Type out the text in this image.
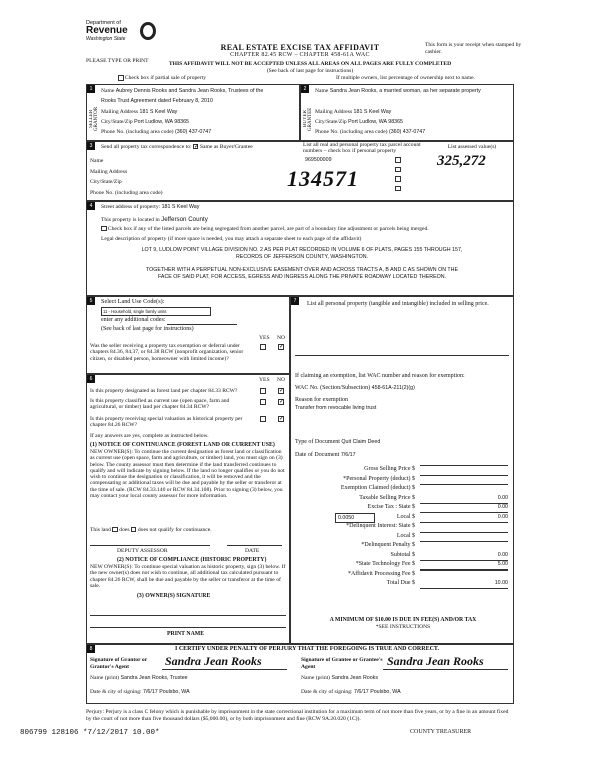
Department of
Revenue
Washington State
PLEASE TYPE OR PRINT
REAL ESTATE EXCISE TAX AFFIDAVIT
CHAPTER 82.45 RCW – CHAPTER 458-61A WAC
This form is your receipt when stamped by cashier.
THIS AFFIDAVIT WILL NOT BE ACCEPTED UNLESS ALL AREAS ON ALL PAGES ARE FULLY COMPLETED
(See back of last page for instructions)
Check box if partial sale of property	If multiple owners, list percentage of ownership next to name.
1
SELLER GRANTOR
Name Aubrey Dennis Rooks and Sandra Jean Rooks, Trustees of the
Rooks Trust Agreement dated February 8, 2010
Mailing Address 181 S Keel Way
City/State/Zip Port Ludlow, WA 98365
Phone No. (including area code) (360) 437-0747
2
BUYER GRANTEE
Name Sandra Jean Rooks, a married woman, as her separate property
Mailing Address 181 S Keel Way
City/State/Zip Port Ludlow, WA 98365
Phone No. (including area code) (360) 437-0747
3	Send all property tax correspondence to: ✓ Same as Buyer/Grantee
Name
Mailing Address
City/State/Zip
Phone No. (including area code)
List all real and personal property tax parcel account numbers – check box if personal property
List assessed value(s)
969500009
134571
325,272
4	Street address of property: 181 S Keel Way
This property is located in Jefferson County
Check box if any of the listed parcels are being segregated from another parcel, are part of a boundary line adjustment or parcels being merged.
Legal description of property (if more space is needed, you may attach a separate sheet to each page of the affidavit)
LOT 9, LUDLOW POINT VILLAGE DIVISION NO. 2 AS PER PLAT RECORDED IN VOLUME 6 OF PLATS, PAGES 155 THROUGH 157,
RECORDS OF JEFFERSON COUNTY, WASHINGTON.
TOGETHER WITH A PERPETUAL NON-EXCLUSIVE EASEMENT OVER AND ACROSS TRACTS A, B AND C AS SHOWN ON THE
FACE OF SAID PLAT, FOR ACCESS, EGRESS AND INGRESS ALONG THE PRIVATE ROADWAY LOCATED THEREON.
5	Select Land Use Code(s):
11 - Household, single family units
enter any additional codes:
(See back of last page for instructions)
YES NO
Was the seller receiving a property tax exemption or deferral under chapters 84.36, 84.37, or 84.38 RCW (nonprofit organization, senior citizen, or disabled person, homeowner with limited income)?
✓
6	YES NO
Is this property designated as forest land per chapter 84.33 RCW?
✓
Is this property classified as current use (open space, farm and agricultural, or timber) land per chapter 84.34 RCW?
✓
Is this property receiving special valuation as historical property per chapter 84.26 RCW?
✓
If any answers are yes, complete as instructed below.
(1) NOTICE OF CONTINUANCE (FOREST LAND OR CURRENT USE)
NEW OWNER(S): To continue the current designation as forest land or classification as current use (open space, farm and agriculture, or timber) land, you must sign on (3) below. The county assessor must then determine if the land transferred continues to qualify and will indicate by signing below. If the land no longer qualifies or you do not wish to continue the designation or classification, it will be removed and the compensating or additional taxes will be due and payable by the seller or transferor at the time of sale. (RCW 84.33.140 or RCW 84.34.108). Prior to signing (3) below, you may contact your local county assessor for more information.
This land does does not qualify for continuance.
DEPUTY ASSESSOR	DATE
(2) NOTICE OF COMPLIANCE (HISTORIC PROPERTY)
NEW OWNER(S): To continue special valuation as historic property, sign (3) below. If the new owner(s) does not wish to continue, all additional tax calculated pursuant to chapter 84.26 RCW, shall be due and payable by the seller or transferor at the time of sale.
(3) OWNER(S) SIGNATURE
PRINT NAME
7	List all personal property (tangible and intangible) included in selling price.
If claiming an exemption, list WAC number and reason for exemption:
WAC No. (Section/Subsection) 458-61A-211(2)(g)
Reason for exemption
Transfer from revocable living trust
Type of Document Quit Claim Deed
Date of Document 7/6/17
Gross Selling Price $
*Personal Property (deduct) $
Exemption Claimed (deduct) $
Taxable Selling Price $	0.00
Excise Tax : State $	0.00
0.0050	Local $	0.00
*Delinquent Interest: State $
Local $
*Delinquent Penalty $
Subtotal $	0.00
*State Technology Fee $	5.00
*Affidavit Processing Fee $
Total Due $	10.00
A MINIMUM OF $10.00 IS DUE IN FEE(S) AND/OR TAX
*SEE INSTRUCTIONS
8	I CERTIFY UNDER PENALTY OF PERJURY THAT THE FOREGOING IS TRUE AND CORRECT.
Signature of Grantor or Grantor's Agent	Sandra Jean Rooks
Name (print) Sandra Jean Rooks, Trustee
Date & city of signing: 7/6/17 Poulsbo, WA
Signature of Grantee or Grantee's Agent	Sandra Jean Rooks
Name (print) Sandra Jean Rooks
Date & city of signing: 7/6/17 Poulsbo, WA
Perjury: Perjury is a class C felony which is punishable by imprisonment in the state correctional institution for a maximum term of not more than five years, or by a fine in an amount fixed by the court of not more than five thousand dollars ($5,000.00), or by both imprisonment and fine (RCW 9A.20.020 (1C)).
806799 128106 *7/12/2017 10.00*	COUNTY TREASURER
